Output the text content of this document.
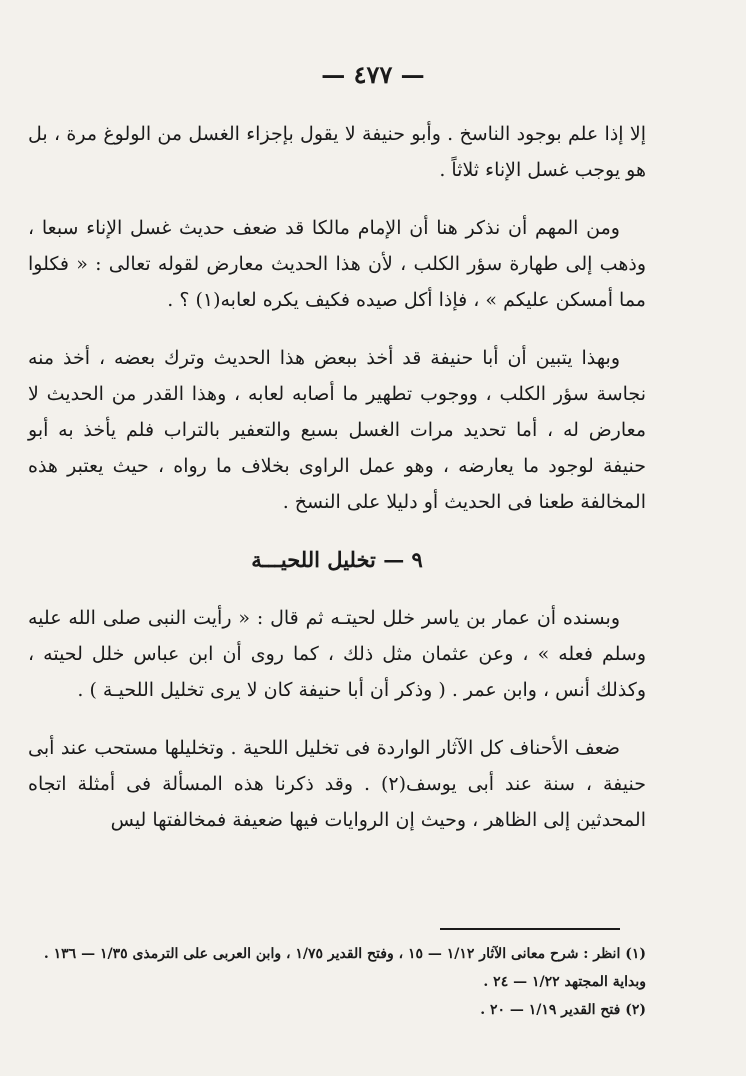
— ٤٧٧ —

إلا إذا علم بوجود الناسخ . وأبو حنيفة لا يقول بإجزاء الغسل من الولوغ مرة ، بل هو يوجب غسل الإناء ثلاثاً .

ومن المهم أن نذكر هنا أن الإمام مالكا قد ضعف حديث غسل الإناء سبعا ، وذهب إلى طهارة سؤر الكلب ، لأن هذا الحديث معارض لقوله تعالى : « فكلوا مما أمسكن عليكم » ، فإذا أكل صيده فكيف يكره لعابه(١) ؟ .

وبهذا يتبين أن أبا حنيفة قد أخذ ببعض هذا الحديث وترك بعضه ، أخذ منه نجاسة سؤر الكلب ، ووجوب تطهير ما أصابه لعابه ، وهذا القدر من الحديث لا معارض له ، أما تحديد مرات الغسل بسبع والتعفير بالتراب فلم يأخذ به أبو حنيفة لوجود ما يعارضه ، وهو عمل الراوى بخلاف ما رواه ، حيث يعتبر هذه المخالفة طعنا فى الحديث أو دليلا على النسخ .

٩ — تخليل اللحيـــة

وبسنده أن عمار بن ياسر خلل لحيتـه ثم قال : « رأيت النبى صلى الله عليه وسلم فعله » ، وعن عثمان مثل ذلك ، كما روى أن ابن عباس خلل لحيته ، وكذلك أنس ، وابن عمر . ( وذكر أن أبا حنيفة كان لا يرى تخليل اللحيـة ) .

ضعف الأحناف كل الآثار الواردة فى تخليل اللحية . وتخليلها مستحب عند أبى حنيفة ، سنة عند أبى يوسف(٢) . وقد ذكرنا هذه المسألة فى أمثلة اتجاه المحدثين إلى الظاهر ، وحيث إن الروايات فيها ضعيفة فمخالفتها ليس

(١) انظر : شرح معانى الآثار ١/١٢ — ١٥ ، وفتح القدير ١/٧٥ ، وابن العربى على الترمذى ١/٣٥ — ١٣٦ . وبداية المجتهد ١/٢٢ — ٢٤ .

(٢) فتح القدير ١/١٩ — ٢٠ .
